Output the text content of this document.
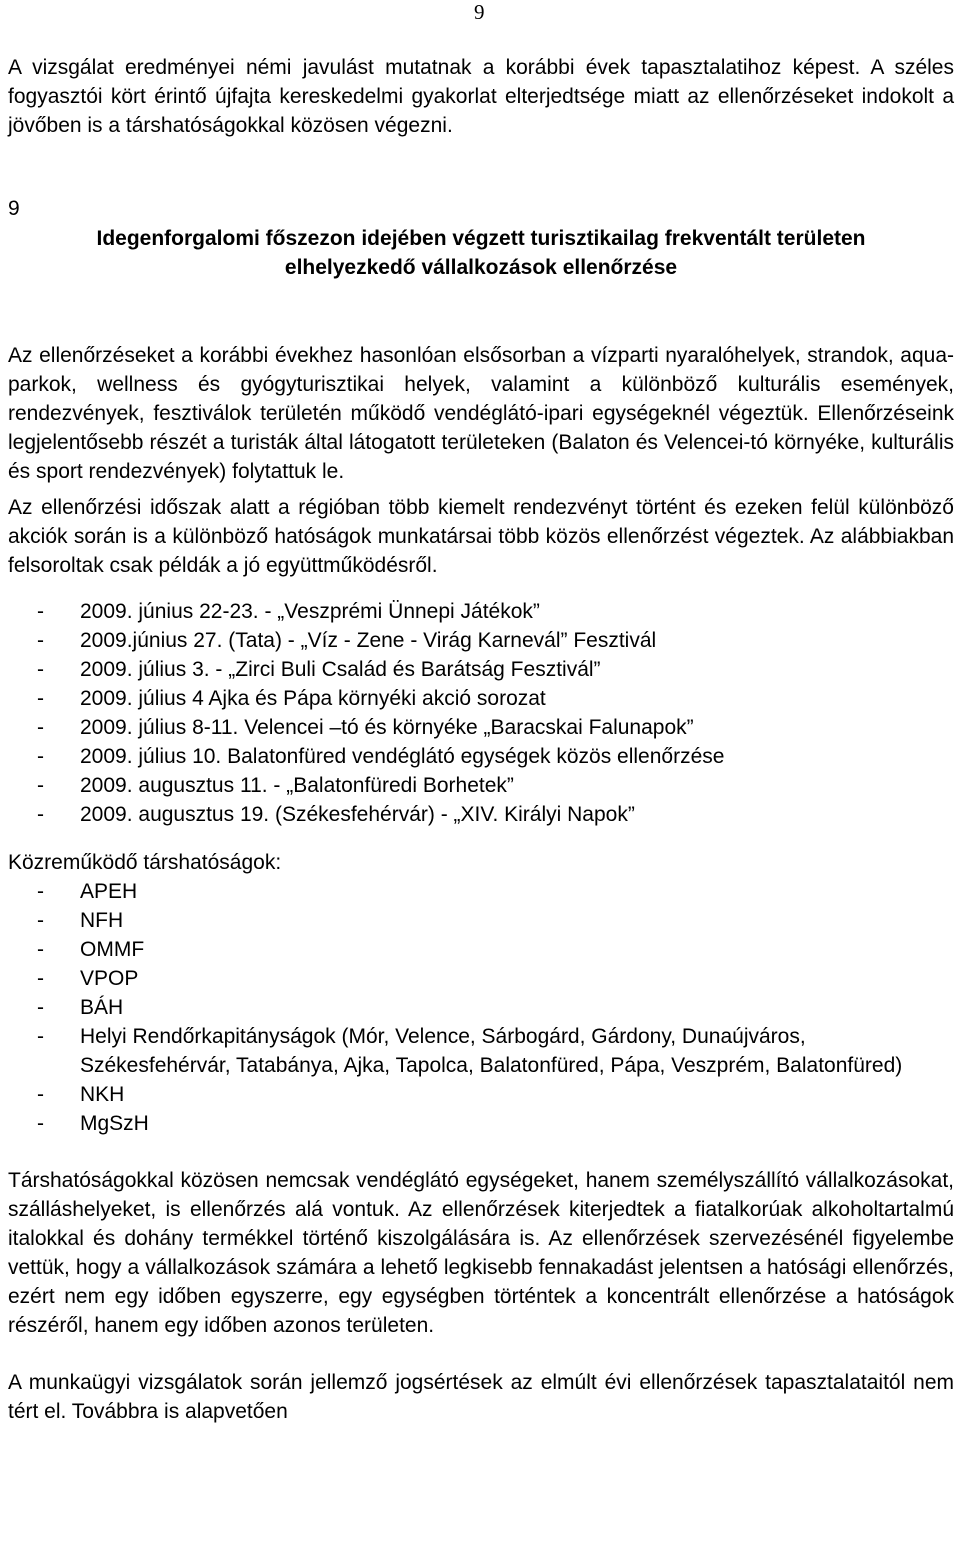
9

A vizsgálat eredményei némi javulást mutatnak a korábbi évek tapasztalatihoz képest. A széles fogyasztói kört érintő újfajta kereskedelmi gyakorlat elterjedtsége miatt az ellenőrzéseket indokolt a jövőben is a társhatóságokkal közösen végezni.

9
Idegenforgalomi főszezon idejében végzett turisztikailag frekventált területen
elhelyezkedő vállalkozások ellenőrzése

Az ellenőrzéseket a korábbi évekhez hasonlóan elsősorban a vízparti nyaralóhelyek, strandok, aqua-parkok, wellness és gyógyturisztikai helyek, valamint a különböző kulturális események, rendezvények, fesztiválok területén működő vendéglátó-ipari egységeknél végeztük. Ellenőrzéseink legjelentősebb részét a turisták által látogatott területeken (Balaton és Velencei-tó környéke, kulturális és sport rendezvények) folytattuk le.

Az ellenőrzési időszak alatt a régióban több kiemelt rendezvényt történt és ezeken felül különböző akciók során is a különböző hatóságok munkatársai több közös ellenőrzést végeztek. Az alábbiakban felsoroltak csak példák a jó együttműködésről.

- 2009. június 22-23. - „Veszprémi Ünnepi Játékok”
- 2009.június 27. (Tata) - „Víz - Zene - Virág Karnevál” Fesztivál
- 2009. július 3. - „Zirci Buli Család és Barátság Fesztivál”
- 2009. július 4 Ajka és Pápa környéki akció sorozat
- 2009. július 8-11. Velencei –tó és környéke „Baracskai Falunapok”
- 2009. július 10. Balatonfüred vendéglátó egységek közös ellenőrzése
- 2009. augusztus 11. - „Balatonfüredi Borhetek”
- 2009. augusztus 19. (Székesfehérvár) - „XIV. Királyi Napok”

Közreműködő társhatóságok:

- APEH
- NFH
- OMMF
- VPOP
- BÁH
- Helyi Rendőrkapitányságok (Mór, Velence, Sárbogárd, Gárdony, Dunaújváros, Székesfehérvár, Tatabánya, Ajka, Tapolca, Balatonfüred, Pápa, Veszprém, Balatonfüred)
- NKH
- MgSzH

Társhatóságokkal közösen nemcsak vendéglátó egységeket, hanem személyszállító vállalkozásokat, szálláshelyeket, is ellenőrzés alá vontuk. Az ellenőrzések kiterjedtek a fiatalkorúak alkoholtartalmú italokkal és dohány termékkel történő kiszolgálására is. Az ellenőrzések szervezésénél figyelembe vettük, hogy a vállalkozások számára a lehető legkisebb fennakadást jelentsen a hatósági ellenőrzés, ezért nem egy időben egyszerre, egy egységben történtek a koncentrált ellenőrzése a hatóságok részéről, hanem egy időben azonos területen.

A munkaügyi vizsgálatok során jellemző jogsértések az elmúlt évi ellenőrzések tapasztalataitól nem tért el. Továbbra is alapvetően
